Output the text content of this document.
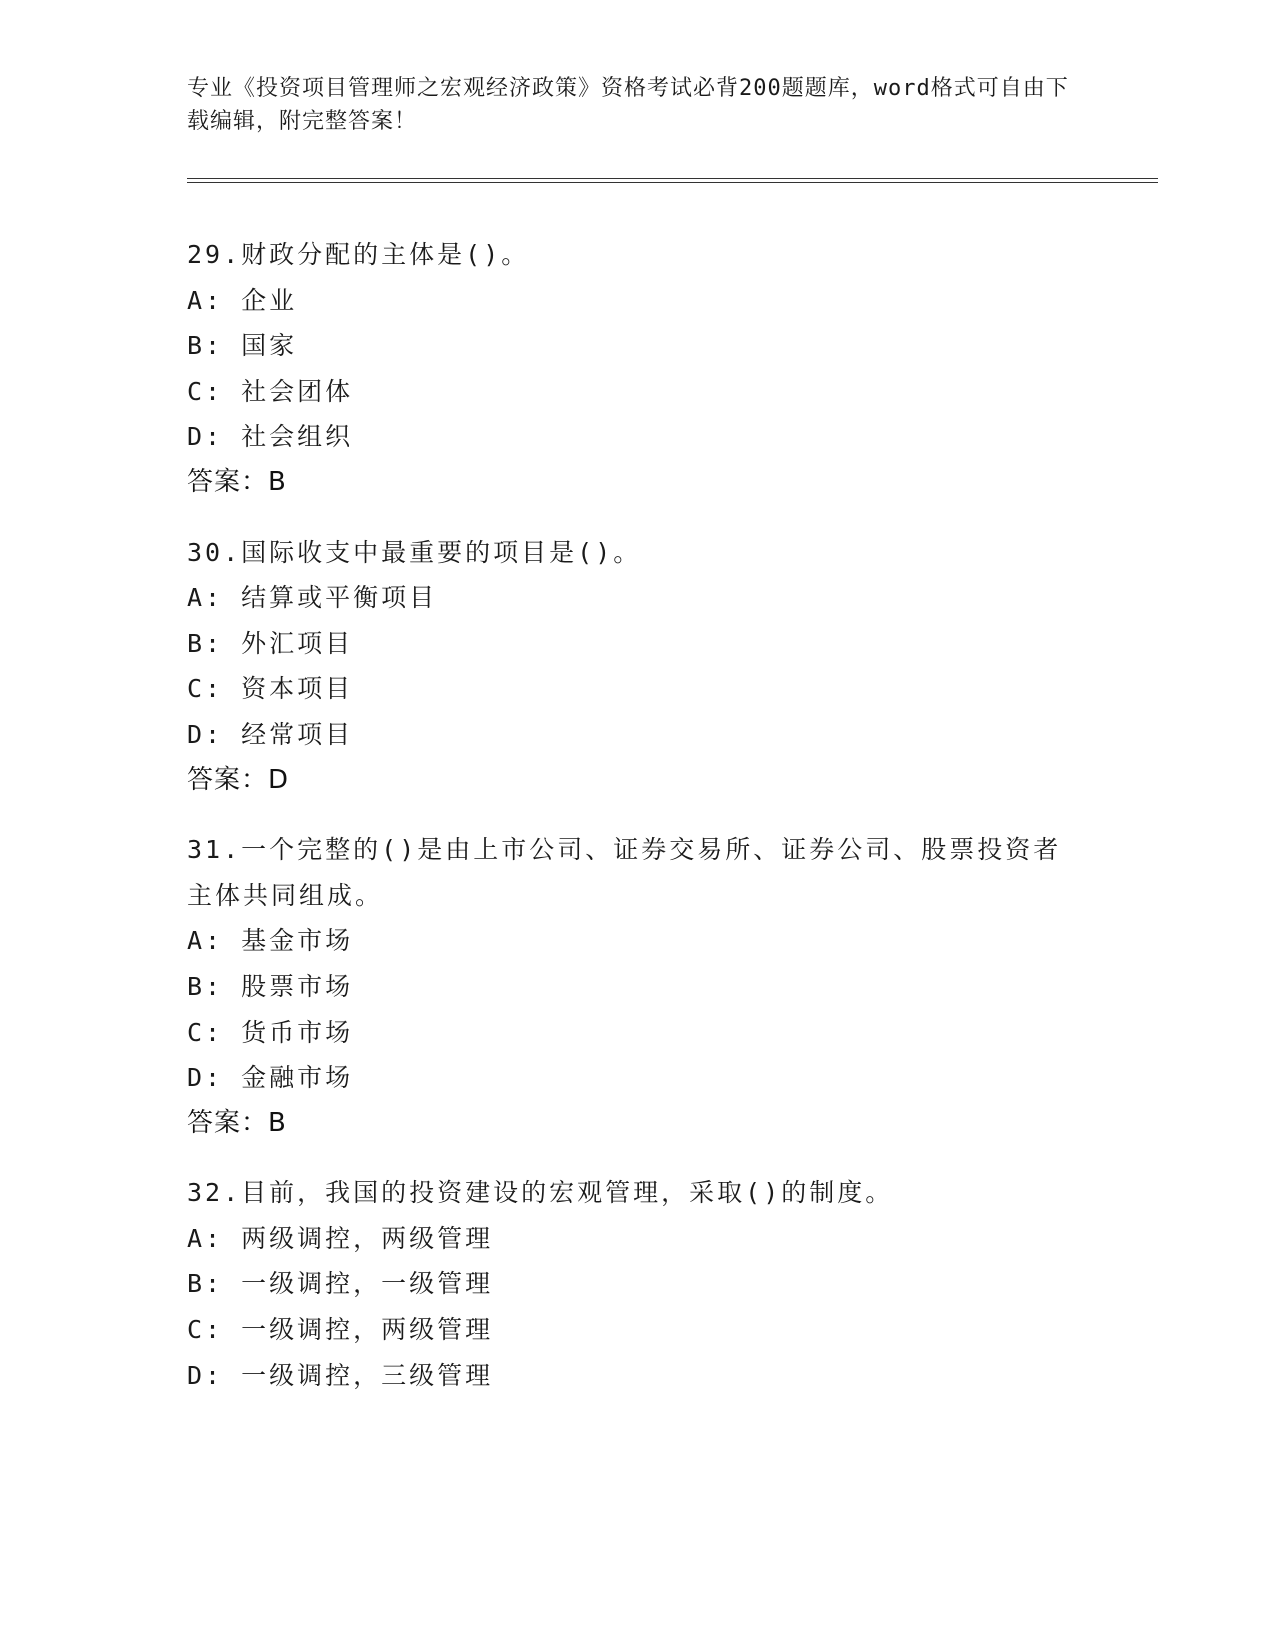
专业《投资项目管理师之宏观经济政策》资格考试必背200题题库，word格式可自由下载编辑，附完整答案！
29.财政分配的主体是()。
A: 企业
B: 国家
C: 社会团体
D: 社会组织
答案：B
30.国际收支中最重要的项目是()。
A: 结算或平衡项目
B: 外汇项目
C: 资本项目
D: 经常项目
答案：D
31.一个完整的()是由上市公司、证券交易所、证券公司、股票投资者主体共同组成。
A: 基金市场
B: 股票市场
C: 货币市场
D: 金融市场
答案：B
32.目前，我国的投资建设的宏观管理，采取()的制度。
A: 两级调控，两级管理
B: 一级调控，一级管理
C: 一级调控，两级管理
D: 一级调控，三级管理
